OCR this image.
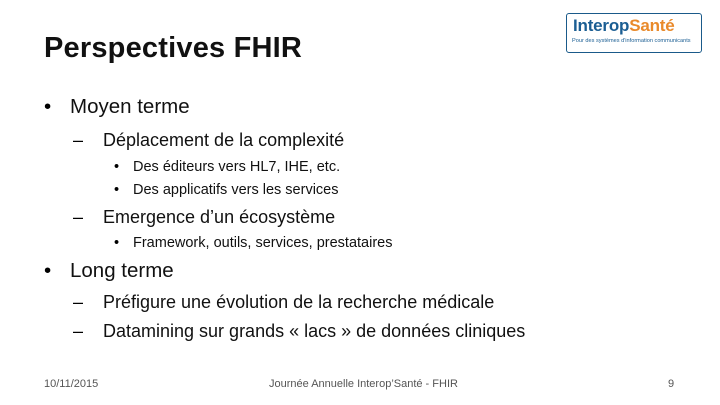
Perspectives FHIR
InteropSanté
Pour des systèmes d'information communicants
• Moyen terme
– Déplacement de la complexité
• Des éditeurs vers HL7, IHE, etc.
• Des applicatifs vers les services
– Emergence d’un écosystème
• Framework, outils, services, prestataires
• Long terme
– Préfigure une évolution de la recherche médicale
– Datamining sur grands « lacs » de données cliniques
10/11/2015	Journée Annuelle Interop’Santé - FHIR	9
